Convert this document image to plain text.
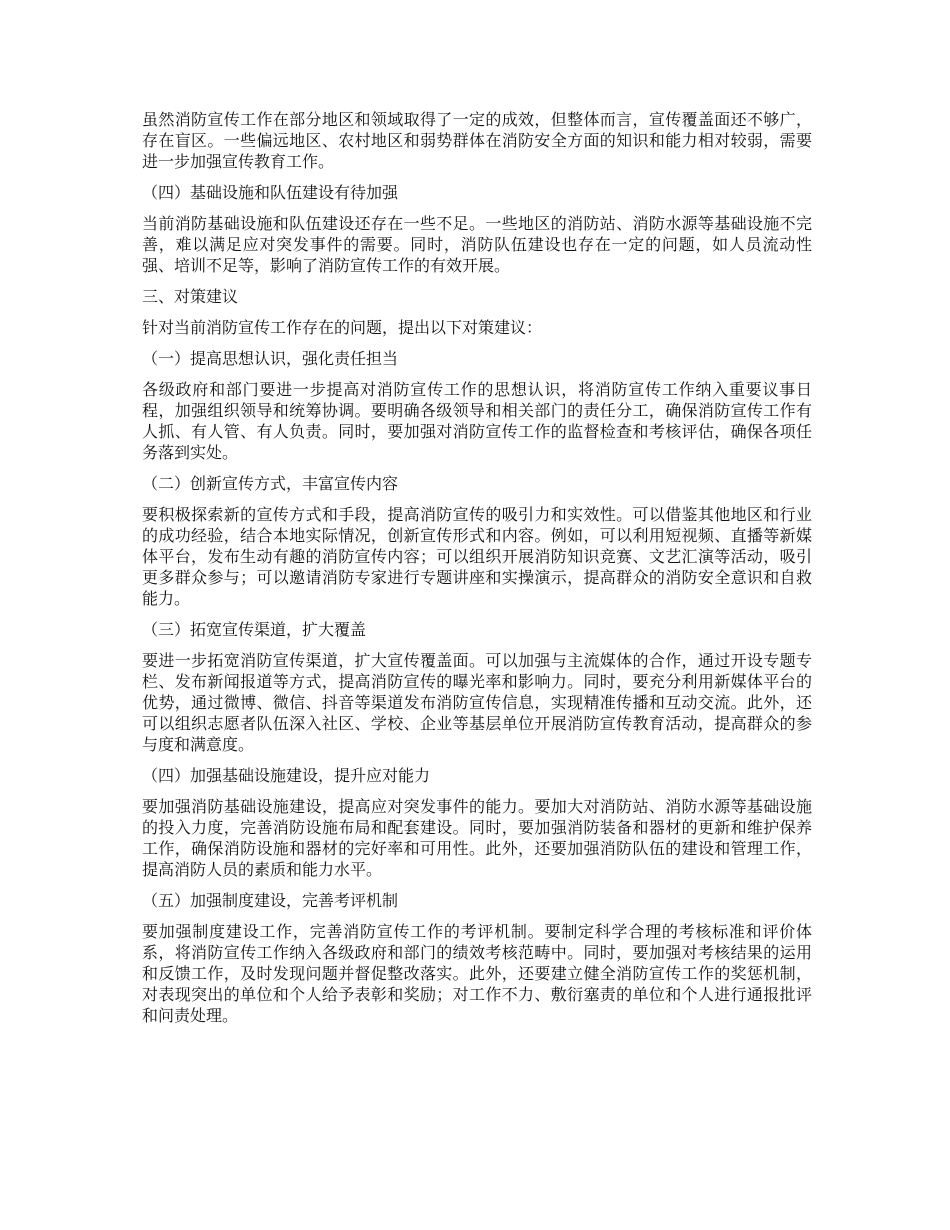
虽然消防宣传工作在部分地区和领域取得了一定的成效，但整体而言，宣传覆盖面还不够广，存在盲区。一些偏远地区、农村地区和弱势群体在消防安全方面的知识和能力相对较弱，需要进一步加强宣传教育工作。

（四）基础设施和队伍建设有待加强

当前消防基础设施和队伍建设还存在一些不足。一些地区的消防站、消防水源等基础设施不完善，难以满足应对突发事件的需要。同时，消防队伍建设也存在一定的问题，如人员流动性强、培训不足等，影响了消防宣传工作的有效开展。

三、对策建议

针对当前消防宣传工作存在的问题，提出以下对策建议：

（一）提高思想认识，强化责任担当

各级政府和部门要进一步提高对消防宣传工作的思想认识，将消防宣传工作纳入重要议事日程，加强组织领导和统筹协调。要明确各级领导和相关部门的责任分工，确保消防宣传工作有人抓、有人管、有人负责。同时，要加强对消防宣传工作的监督检查和考核评估，确保各项任务落到实处。

（二）创新宣传方式，丰富宣传内容

要积极探索新的宣传方式和手段，提高消防宣传的吸引力和实效性。可以借鉴其他地区和行业的成功经验，结合本地实际情况，创新宣传形式和内容。例如，可以利用短视频、直播等新媒体平台，发布生动有趣的消防宣传内容；可以组织开展消防知识竞赛、文艺汇演等活动，吸引更多群众参与；可以邀请消防专家进行专题讲座和实操演示，提高群众的消防安全意识和自救能力。

（三）拓宽宣传渠道，扩大覆盖

要进一步拓宽消防宣传渠道，扩大宣传覆盖面。可以加强与主流媒体的合作，通过开设专题专栏、发布新闻报道等方式，提高消防宣传的曝光率和影响力。同时，要充分利用新媒体平台的优势，通过微博、微信、抖音等渠道发布消防宣传信息，实现精准传播和互动交流。此外，还可以组织志愿者队伍深入社区、学校、企业等基层单位开展消防宣传教育活动，提高群众的参与度和满意度。

（四）加强基础设施建设，提升应对能力

要加强消防基础设施建设，提高应对突发事件的能力。要加大对消防站、消防水源等基础设施的投入力度，完善消防设施布局和配套建设。同时，要加强消防装备和器材的更新和维护保养工作，确保消防设施和器材的完好率和可用性。此外，还要加强消防队伍的建设和管理工作，提高消防人员的素质和能力水平。

（五）加强制度建设，完善考评机制

要加强制度建设工作，完善消防宣传工作的考评机制。要制定科学合理的考核标准和评价体系，将消防宣传工作纳入各级政府和部门的绩效考核范畴中。同时，要加强对考核结果的运用和反馈工作，及时发现问题并督促整改落实。此外，还要建立健全消防宣传工作的奖惩机制，对表现突出的单位和个人给予表彰和奖励；对工作不力、敷衍塞责的单位和个人进行通报批评和问责处理。
